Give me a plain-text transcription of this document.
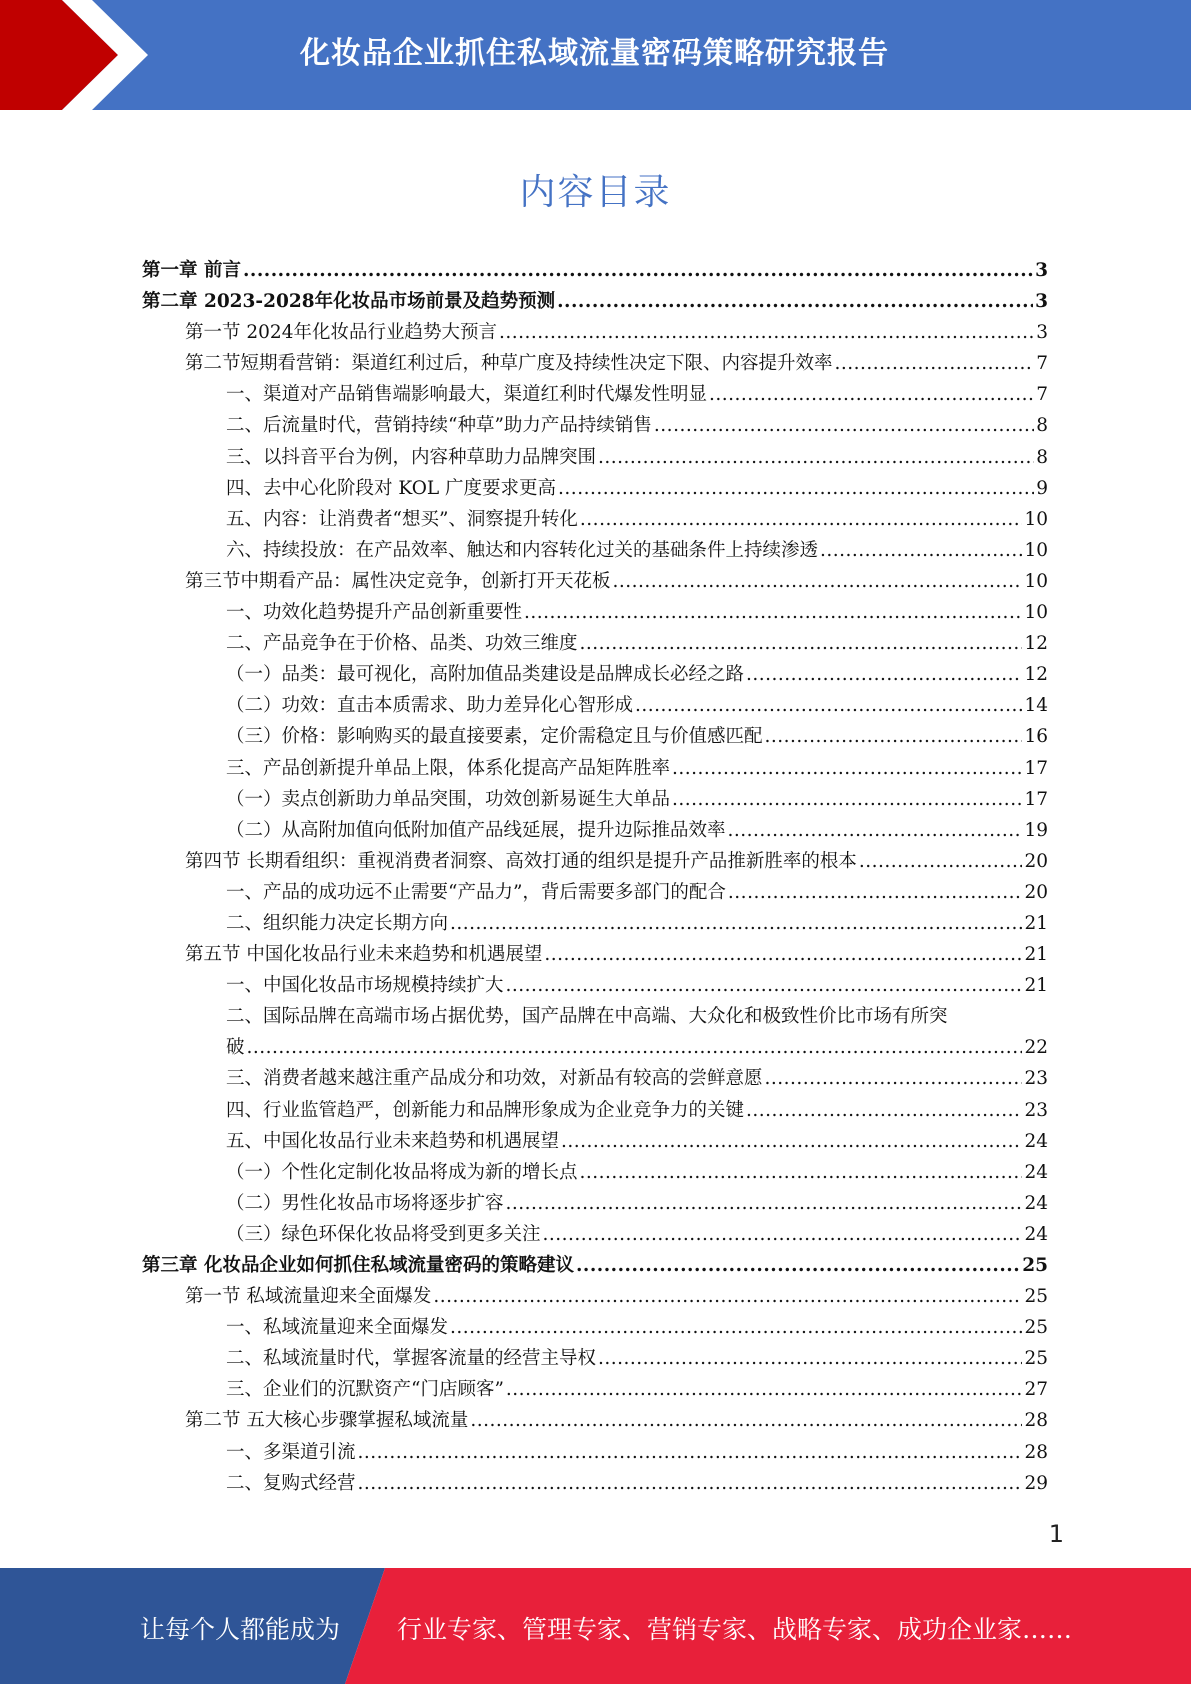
化妆品企业抓住私域流量密码策略研究报告
内容目录
第一章 前言 .....	3
第二章 2023-2028年化妆品市场前景及趋势预测 .....	3
第一节 2024年化妆品行业趋势大预言 .....	3
第二节短期看营销：渠道红利过后，种草广度及持续性决定下限、内容提升效率 .....	7
一、渠道对产品销售端影响最大，渠道红利时代爆发性明显 .....	7
二、后流量时代，营销持续“种草”助力产品持续销售 .....	8
三、以抖音平台为例，内容种草助力品牌突围 .....	8
四、去中心化阶段对 KOL 广度要求更高 .....	9
五、内容：让消费者“想买”、洞察提升转化 .....	10
六、持续投放：在产品效率、触达和内容转化过关的基础条件上持续渗透 .....	10
第三节中期看产品：属性决定竞争，创新打开天花板 .....	10
一、功效化趋势提升产品创新重要性 .....	10
二、产品竞争在于价格、品类、功效三维度 .....	12
（一）品类：最可视化，高附加值品类建设是品牌成长必经之路 .....	12
（二）功效：直击本质需求、助力差异化心智形成 .....	14
（三）价格：影响购买的最直接要素，定价需稳定且与价值感匹配 .....	16
三、产品创新提升单品上限，体系化提高产品矩阵胜率 .....	17
（一）卖点创新助力单品突围，功效创新易诞生大单品 .....	17
（二）从高附加值向低附加值产品线延展，提升边际推品效率 .....	19
第四节 长期看组织：重视消费者洞察、高效打通的组织是提升产品推新胜率的根本 .....	20
一、产品的成功远不止需要“产品力”，背后需要多部门的配合 .....	20
二、组织能力决定长期方向 .....	21
第五节 中国化妆品行业未来趋势和机遇展望 .....	21
一、中国化妆品市场规模持续扩大 .....	21
二、国际品牌在高端市场占据优势，国产品牌在中高端、大众化和极致性价比市场有所突
破 .....	22
三、消费者越来越注重产品成分和功效，对新品有较高的尝鲜意愿 .....	23
四、行业监管趋严，创新能力和品牌形象成为企业竞争力的关键 .....	23
五、中国化妆品行业未来趋势和机遇展望 .....	24
（一）个性化定制化妆品将成为新的增长点 .....	24
（二）男性化妆品市场将逐步扩容 .....	24
（三）绿色环保化妆品将受到更多关注 .....	24
第三章 化妆品企业如何抓住私域流量密码的策略建议 .....	25
第一节 私域流量迎来全面爆发 .....	25
一、私域流量迎来全面爆发 .....	25
二、私域流量时代，掌握客流量的经营主导权 .....	25
三、企业们的沉默资产“门店顾客” .....	27
第二节 五大核心步骤掌握私域流量 .....	28
一、多渠道引流 .....	28
二、复购式经营 .....	29
1
让每个人都能成为 行业专家、管理专家、营销专家、战略专家、成功企业家……
